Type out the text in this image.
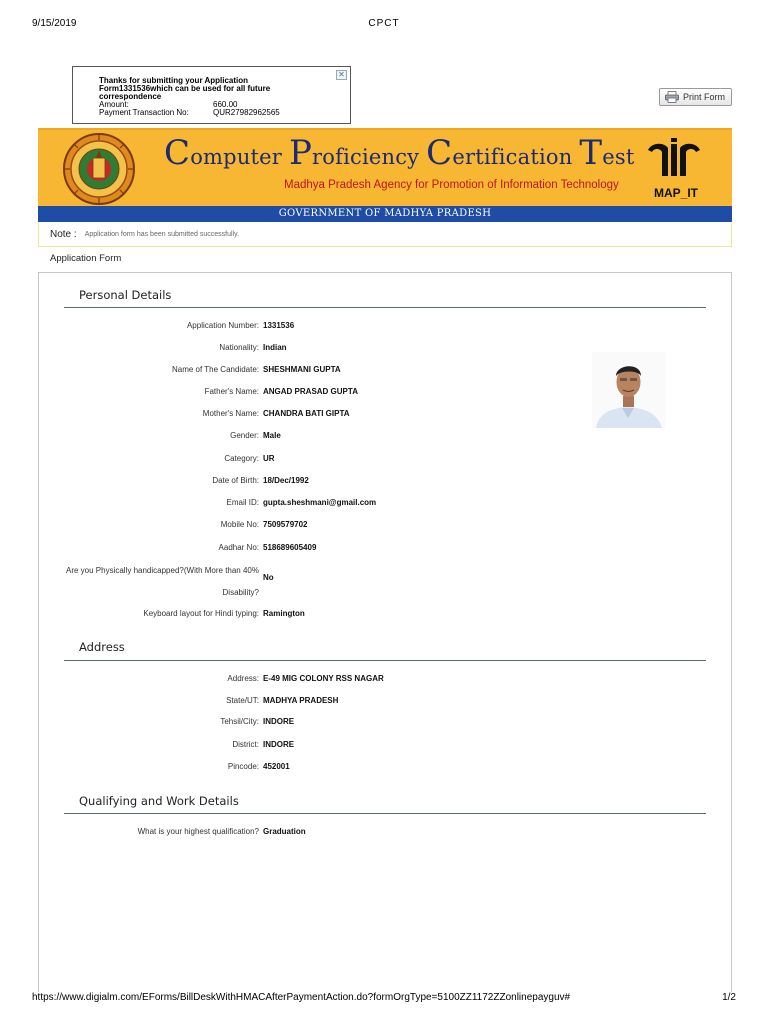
9/15/2019	CPCT
✕
Thanks for submitting your Application Form1331536which can be used for all future correspondence
Amount:	660.00
Payment Transaction No:	QUR27982962565
Print Form
Computer Proficiency Certification Test
Madhya Pradesh Agency for Promotion of Information Technology
MAP_IT
GOVERNMENT OF MADHYA PRADESH
Note : Application form has been submitted successfully.
Application Form
Personal Details
Application Number: 1331536
Nationality: Indian
Name of The Candidate: SHESHMANI GUPTA
Father's Name: ANGAD PRASAD GUPTA
Mother's Name: CHANDRA BATI GIPTA
Gender: Male
Category: UR
Date of Birth: 18/Dec/1992
Email ID: gupta.sheshmani@gmail.com
Mobile No: 7509579702
Aadhar No: 518689605409
Are you Physically handicapped?(With More than 40% Disability?
No
Keyboard layout for Hindi typing: Ramington
Address
Address: E-49 MIG COLONY RSS NAGAR
State/UT: MADHYA PRADESH
Tehsil/City: INDORE
District: INDORE
Pincode: 452001
Qualifying and Work Details
What is your highest qualification? Graduation
https://www.digialm.com/EForms/BillDeskWithHMACAfterPaymentAction.do?formOrgType=5100ZZ1172ZZonlinepayguv#	1/2
